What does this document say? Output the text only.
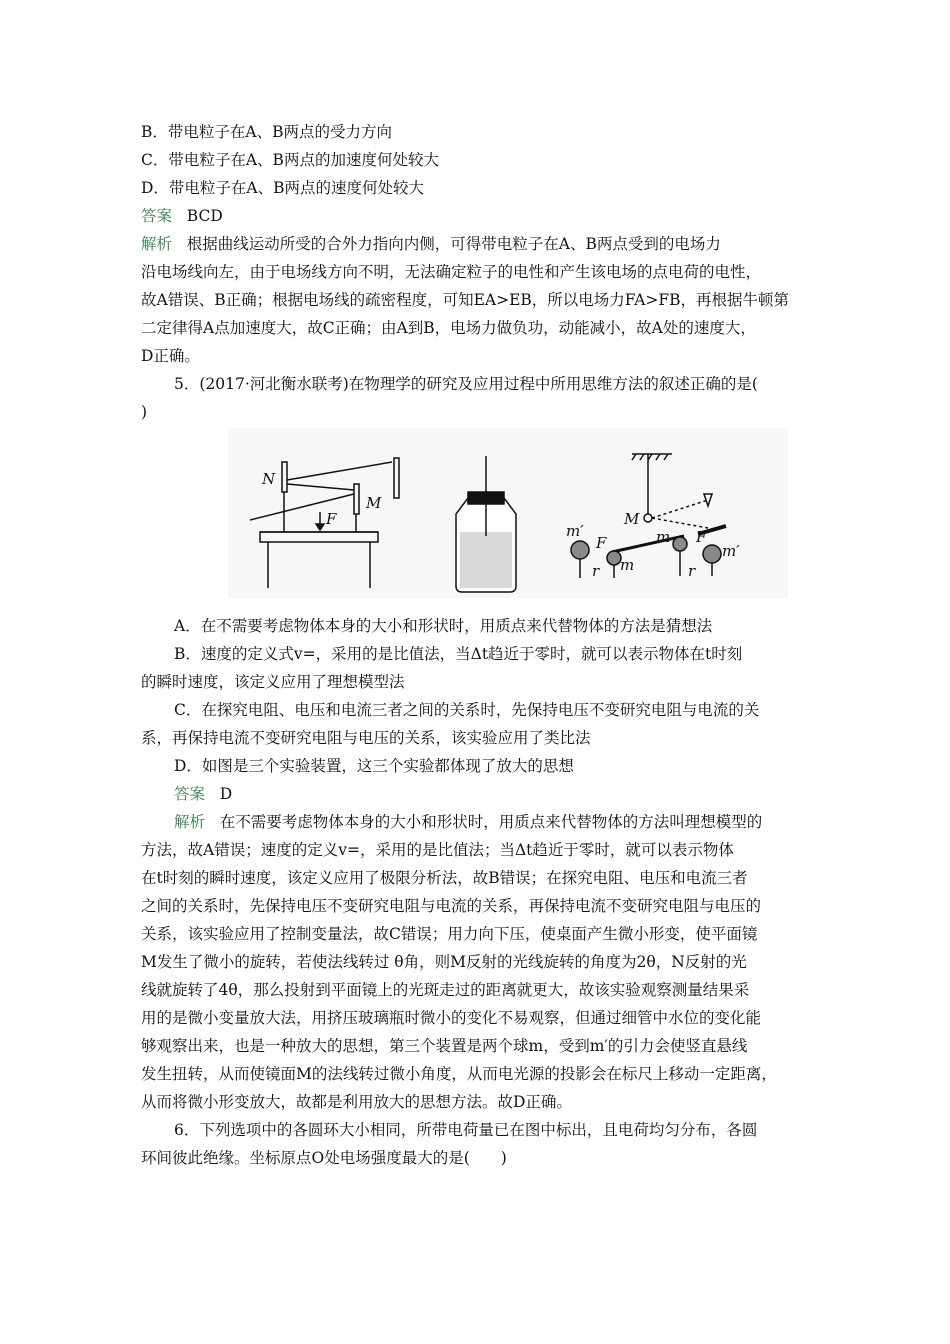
B．带电粒子在A、B两点的受力方向
C．带电粒子在A、B两点的加速度何处较大
D．带电粒子在A、B两点的速度何处较大
答案 BCD
解析 根据曲线运动所受的合外力指向内侧，可得带电粒子在A、B两点受到的电场力
沿电场线向左，由于电场线方向不明，无法确定粒子的电性和产生该电场的点电荷的电性，
故A错误、B正确；根据电场线的疏密程度，可知EA>EB，所以电场力FA>FB，再根据牛顿第
二定律得A点加速度大，故C正确；由A到B，电场力做负功，动能减小，故A处的速度大，
D正确。
5．(2017·河北衡水联考)在物理学的研究及应用过程中所用思维方法的叙述正确的是(
)
N
M
F
m′
F
r m
M
m F
m′
r
A．在不需要考虑物体本身的大小和形状时，用质点来代替物体的方法是猜想法
B．速度的定义式v=，采用的是比值法，当Δt趋近于零时，就可以表示物体在t时刻
的瞬时速度，该定义应用了理想模型法
C．在探究电阻、电压和电流三者之间的关系时，先保持电压不变研究电阻与电流的关
系，再保持电流不变研究电阻与电压的关系，该实验应用了类比法
D．如图是三个实验装置，这三个实验都体现了放大的思想
答案 D
解析 在不需要考虑物体本身的大小和形状时，用质点来代替物体的方法叫理想模型的
方法，故A错误；速度的定义v=，采用的是比值法；当Δt趋近于零时，就可以表示物体
在t时刻的瞬时速度，该定义应用了极限分析法，故B错误；在探究电阻、电压和电流三者
之间的关系时，先保持电压不变研究电阻与电流的关系，再保持电流不变研究电阻与电压的
关系，该实验应用了控制变量法，故C错误；用力向下压，使桌面产生微小形变，使平面镜
M发生了微小的旋转，若使法线转过 θ角，则M反射的光线旋转的角度为2θ，N反射的光
线就旋转了4θ，那么投射到平面镜上的光斑走过的距离就更大，故该实验观察测量结果采
用的是微小变量放大法，用挤压玻璃瓶时微小的变化不易观察，但通过细管中水位的变化能
够观察出来，也是一种放大的思想，第三个装置是两个球m，受到m′的引力会使竖直悬线
发生扭转，从而使镜面M的法线转过微小角度，从而电光源的投影会在标尺上移动一定距离，
从而将微小形变放大，故都是利用放大的思想方法。故D正确。
6．下列选项中的各圆环大小相同，所带电荷量已在图中标出，且电荷均匀分布，各圆
环间彼此绝缘。坐标原点O处电场强度最大的是(　　)
